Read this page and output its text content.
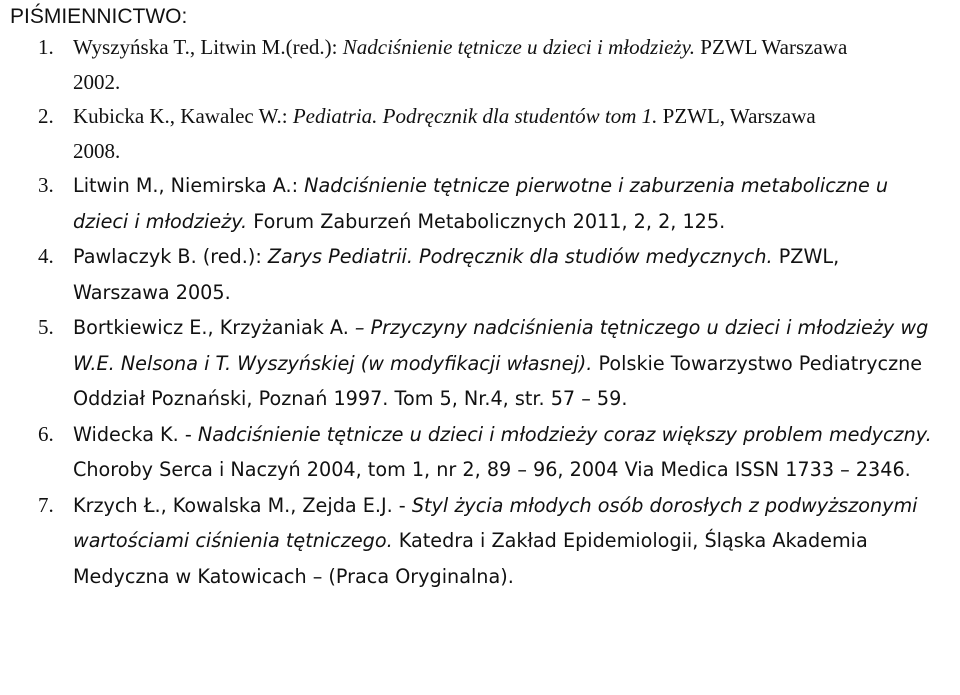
PIŚMIENNICTWO:
1. Wyszyńska T., Litwin M.(red.): Nadciśnienie tętnicze u dzieci i młodzieży. PZWL Warszawa
2002.
2. Kubicka K., Kawalec W.: Pediatria. Podręcznik dla studentów tom 1. PZWL, Warszawa
2008.
3.	Litwin M., Niemirska A.: Nadciśnienie tętnicze pierwotne i zaburzenia metaboliczne u
dzieci i młodzieży. Forum Zaburzeń Metabolicznych 2011, 2, 2, 125.
4.	Pawlaczyk B. (red.): Zarys Pediatrii. Podręcznik dla studiów medycznych. PZWL,
Warszawa 2005.
5.	Bortkiewicz E., Krzyżaniak A. – Przyczyny nadciśnienia tętniczego u dzieci i młodzieży wg
W.E. Nelsona i T. Wyszyńskiej (w modyfikacji własnej). Polskie Towarzystwo Pediatryczne
Oddział Poznański, Poznań 1997. Tom 5, Nr.4, str. 57 – 59.
6.	Widecka K. - Nadciśnienie tętnicze u dzieci i młodzieży coraz większy problem medyczny.
Choroby Serca i Naczyń 2004, tom 1, nr 2, 89 – 96, 2004 Via Medica ISSN 1733 – 2346.
7.	Krzych Ł., Kowalska M., Zejda E.J. - Styl życia młodych osób dorosłych z podwyższonymi
wartościami ciśnienia tętniczego. Katedra i Zakład Epidemiologii, Śląska Akademia
Medyczna w Katowicach – (Praca Oryginalna).
